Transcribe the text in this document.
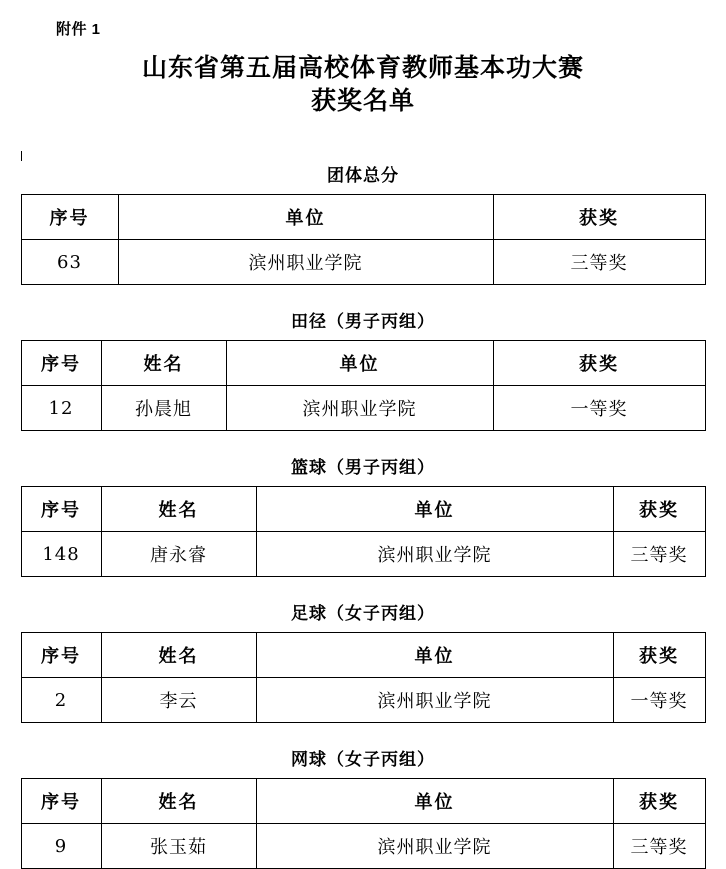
附件 1
山东省第五届高校体育教师基本功大赛
获奖名单
团体总分
序号	单位	获奖
63	滨州职业学院	三等奖
田径（男子丙组）
序号	姓名	单位	获奖
12	孙晨旭	滨州职业学院	一等奖
篮球（男子丙组）
序号	姓名	单位	获奖
148	唐永睿	滨州职业学院	三等奖
足球（女子丙组）
序号	姓名	单位	获奖
2	李云	滨州职业学院	一等奖
网球（女子丙组）
序号	姓名	单位	获奖
9	张玉茹	滨州职业学院	三等奖
